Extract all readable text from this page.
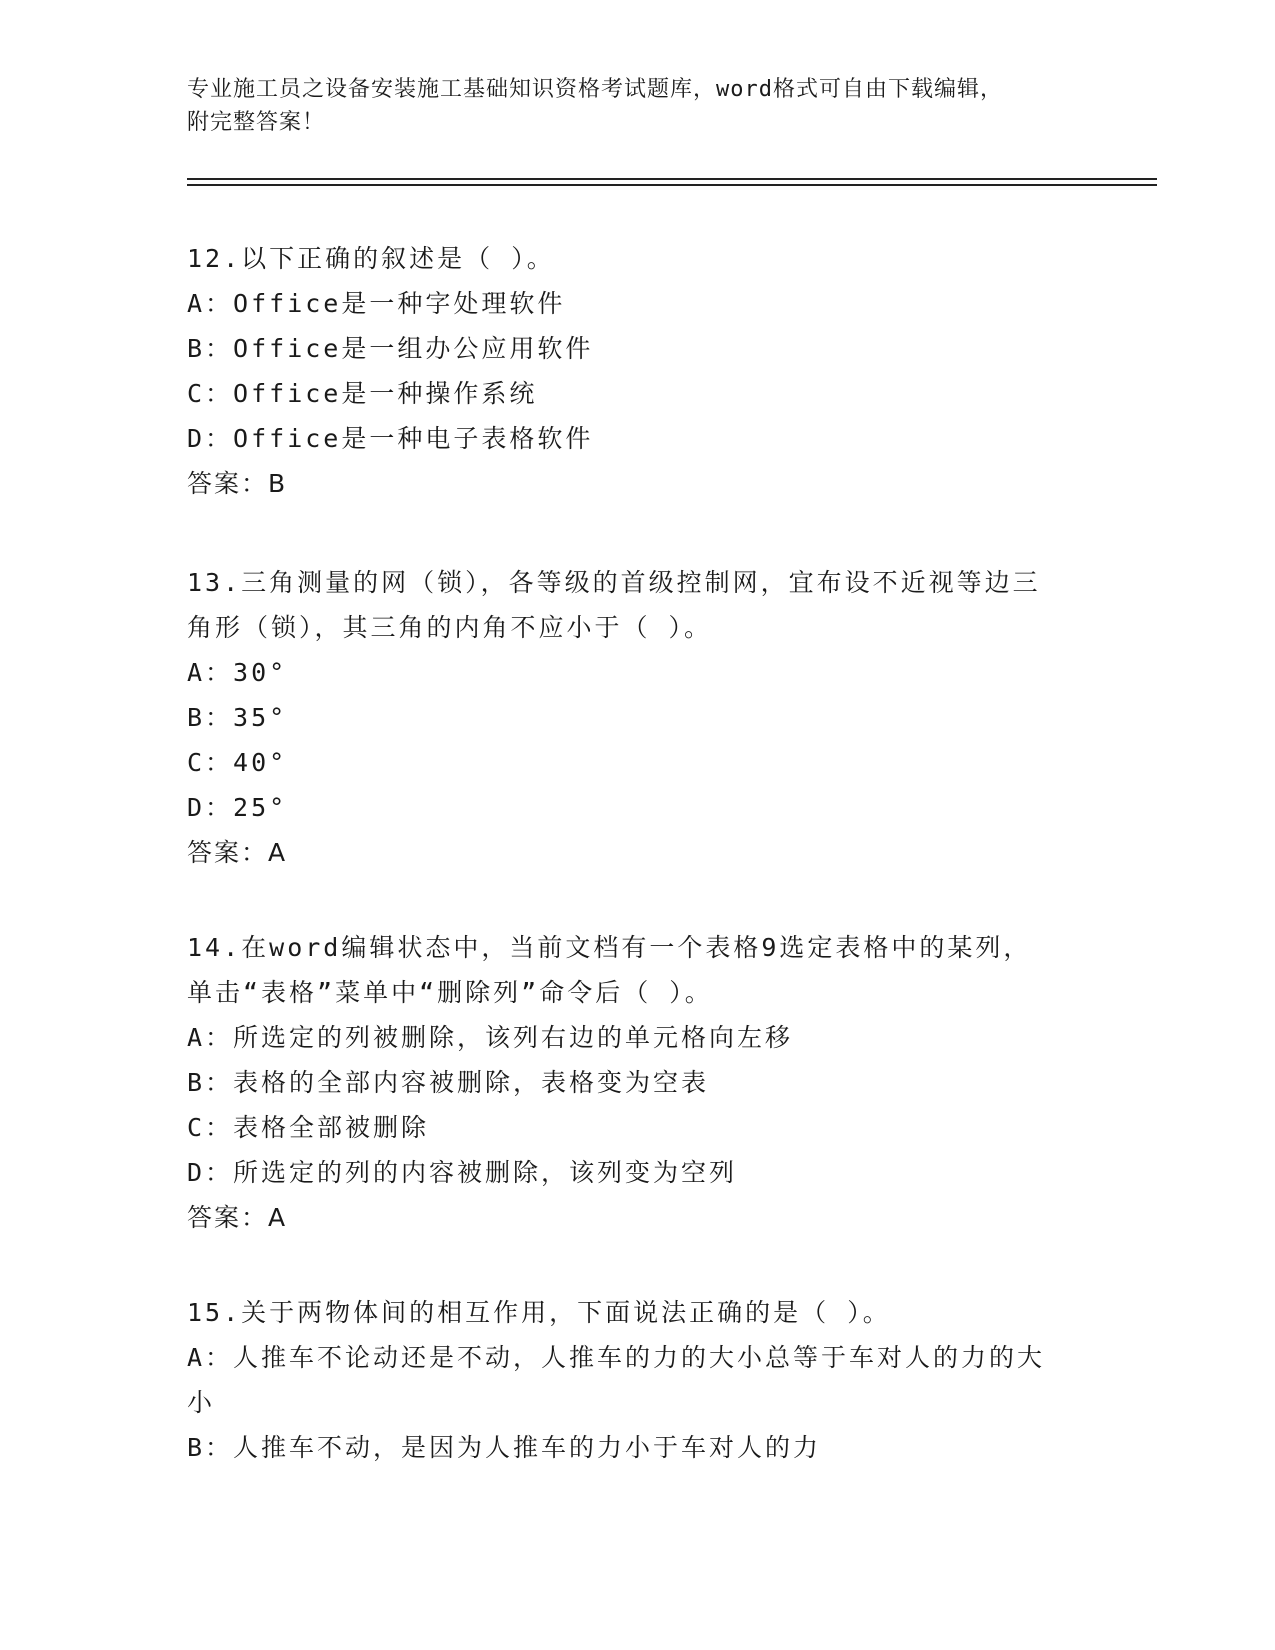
专业施工员之设备安装施工基础知识资格考试题库，word格式可自由下载编辑，
附完整答案！
12.以下正确的叙述是（ ）。
A：Office是一种字处理软件
B：Office是一组办公应用软件
C：Office是一种操作系统
D：Office是一种电子表格软件
答案：B
13.三角测量的网（锁），各等级的首级控制网，宜布设不近视等边三
角形（锁），其三角的内角不应小于（ ）。
A：30°
B：35°
C：40°
D：25°
答案：A
14.在word编辑状态中，当前文档有一个表格9选定表格中的某列，
单击“表格”菜单中“删除列”命令后（ ）。
A：所选定的列被删除，该列右边的单元格向左移
B：表格的全部内容被删除，表格变为空表
C：表格全部被删除
D：所选定的列的内容被删除，该列变为空列
答案：A
15.关于两物体间的相互作用，下面说法正确的是（ ）。
A：人推车不论动还是不动，人推车的力的大小总等于车对人的力的大
小
B：人推车不动，是因为人推车的力小于车对人的力
